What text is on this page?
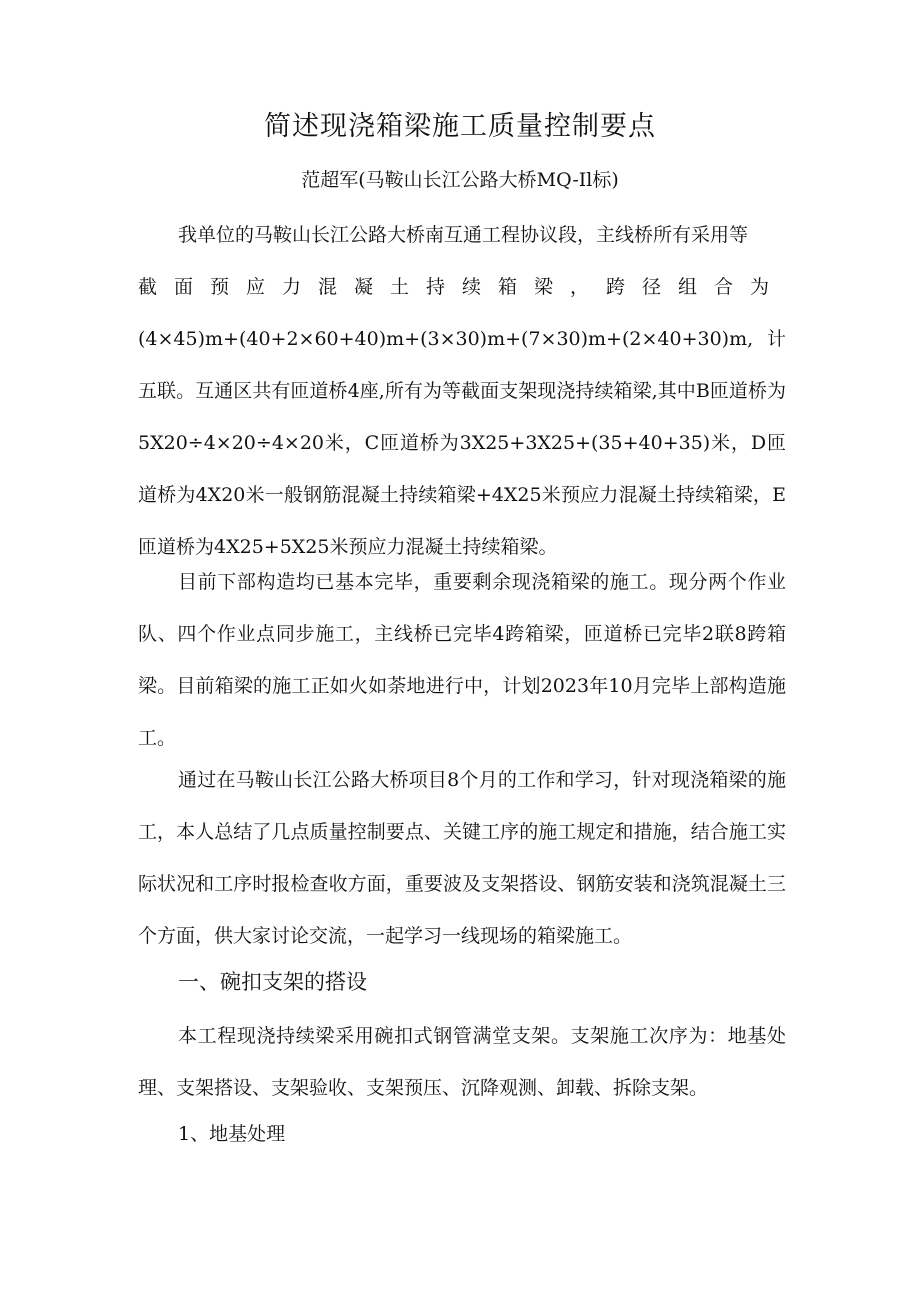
简述现浇箱梁施工质量控制要点
范超军(马鞍山长江公路大桥MQ-Il标)

我单位的马鞍山长江公路大桥南互通工程协议段，主线桥所有采用等

截面预应力混凝土持续箱梁，跨径组合为

(4×45)m+(40+2×60+40)m+(3×30)m+(7×30)m+(2×40+30)m,计五联。互通区共有匝道桥4座,所有为等截面支架现浇持续箱梁,其中B匝道桥为5X20÷4×20÷4×20米，C匝道桥为3X25+3X25+(35+40+35)米，D匝道桥为4X20米一般钢筋混凝土持续箱梁+4X25米预应力混凝土持续箱梁，E匝道桥为4X25+5X25米预应力混凝土持续箱梁。

目前下部构造均已基本完毕，重要剩余现浇箱梁的施工。现分两个作业队、四个作业点同步施工，主线桥已完毕4跨箱梁，匝道桥已完毕2联8跨箱梁。目前箱梁的施工正如火如荼地进行中，计划2023年10月完毕上部构造施工。

通过在马鞍山长江公路大桥项目8个月的工作和学习，针对现浇箱梁的施工，本人总结了几点质量控制要点、关键工序的施工规定和措施，结合施工实际状况和工序时报检查收方面，重要波及支架搭设、钢筋安装和浇筑混凝土三个方面，供大家讨论交流，一起学习一线现场的箱梁施工。

一、碗扣支架的搭设

本工程现浇持续梁采用碗扣式钢管满堂支架。支架施工次序为：地基处理、支架搭设、支架验收、支架预压、沉降观测、卸载、拆除支架。

1、地基处理
